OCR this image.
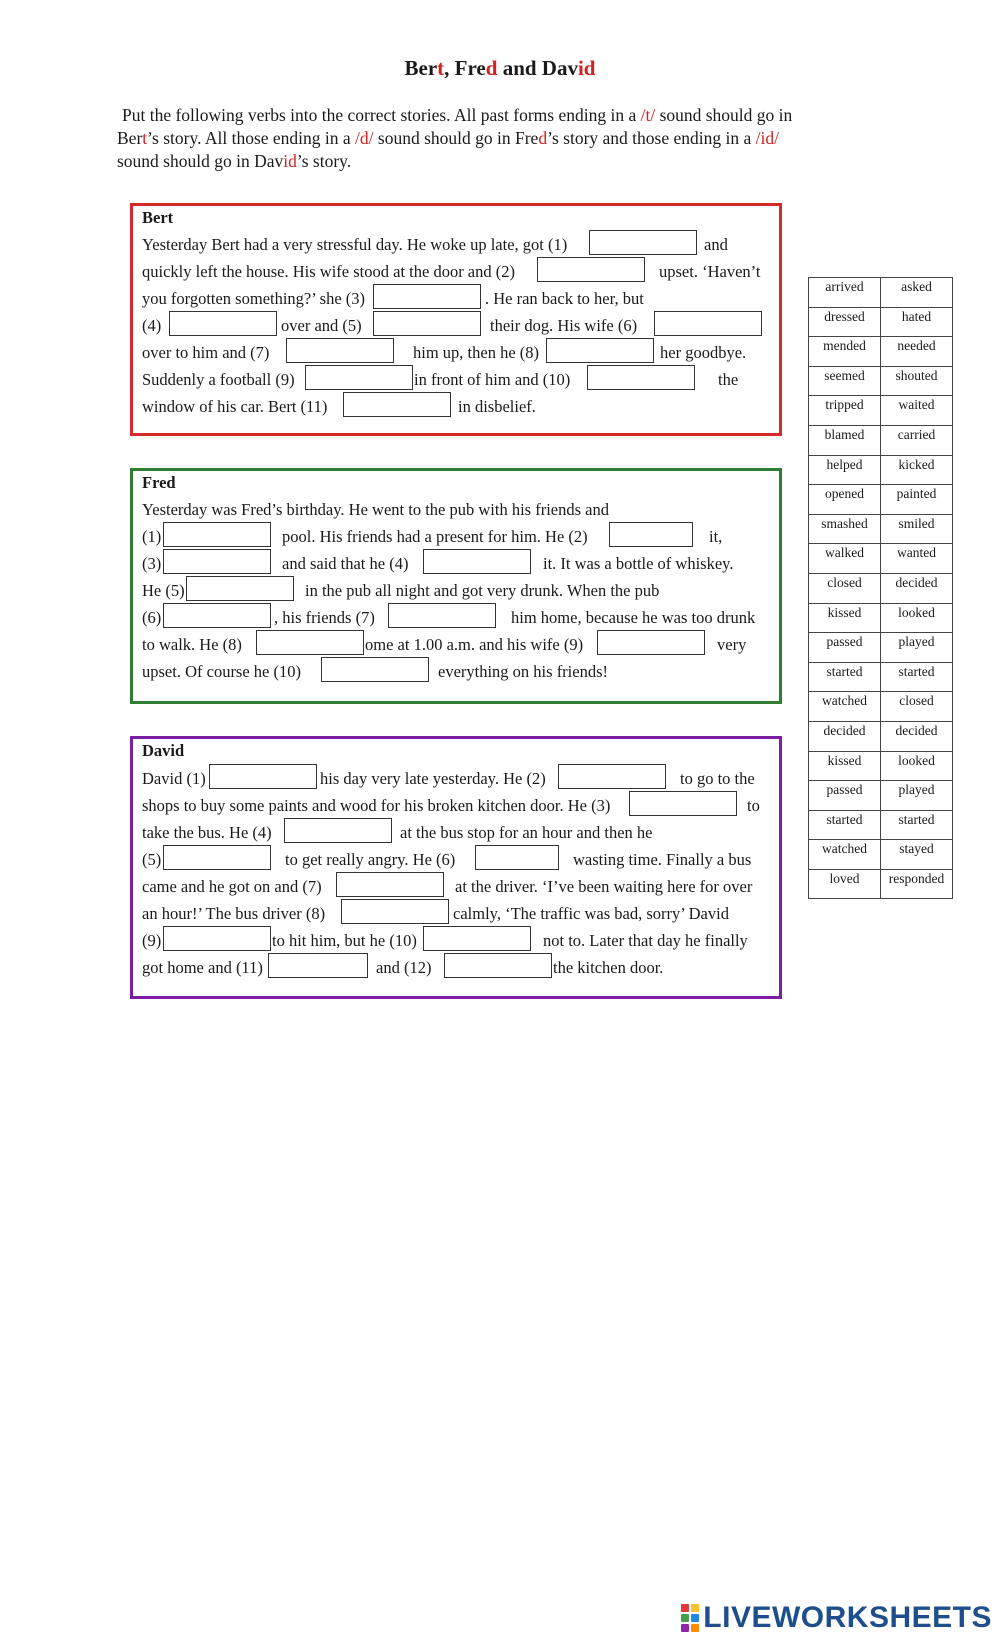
Bert, Fred and David
Put the following verbs into the correct stories. All past forms ending in a /t/ sound should go in
Bert’s story. All those ending in a /d/ sound should go in Fred’s story and those ending in a /id/
sound should go in David’s story.
Bert
Yesterday Bert had a very stressful day. He woke up late, got (1)	and
quickly left the house. His wife stood at the door and (2)	upset. ‘Haven’t
you forgotten something?’ she (3)	. He ran back to her, but
(4)	over and (5)	their dog. His wife (6)
over to him and (7)	him up, then he (8)	her goodbye.
Suddenly a football (9)	in front of him and (10)	the
window of his car. Bert (11)	in disbelief.
Fred
Yesterday was Fred’s birthday. He went to the pub with his friends and
(1)	pool. His friends had a present for him. He (2)	it,
(3)	and said that he (4)	it. It was a bottle of whiskey.
He (5)	in the pub all night and got very drunk. When the pub
(6)	, his friends (7)	him home, because he was too drunk
to walk. He (8)	ome at 1.00 a.m. and his wife (9)	very
upset. Of course he (10)	everything on his friends!
David
David (1)	his day very late yesterday. He (2)	to go to the
shops to buy some paints and wood for his broken kitchen door. He (3)	to
take the bus. He (4)	at the bus stop for an hour and then he
(5)	to get really angry. He (6)	wasting time. Finally a bus
came and he got on and (7)	at the driver. ‘I’ve been waiting here for over
an hour!’ The bus driver (8)	calmly, ‘The traffic was bad, sorry’ David
(9)	to hit him, but he (10)	not to. Later that day he finally
got home and (11)	and (12)	the kitchen door.
arrived	asked
dressed	hated
mended	needed
seemed	shouted
tripped	waited
blamed	carried
helped	kicked
opened	painted
smashed	smiled
walked	wanted
closed	decided
kissed	looked
passed	played
started	started
watched	closed
decided	decided
kissed	looked
passed	played
started	started
watched	stayed
loved	responded
LIVEWORKSHEETS
